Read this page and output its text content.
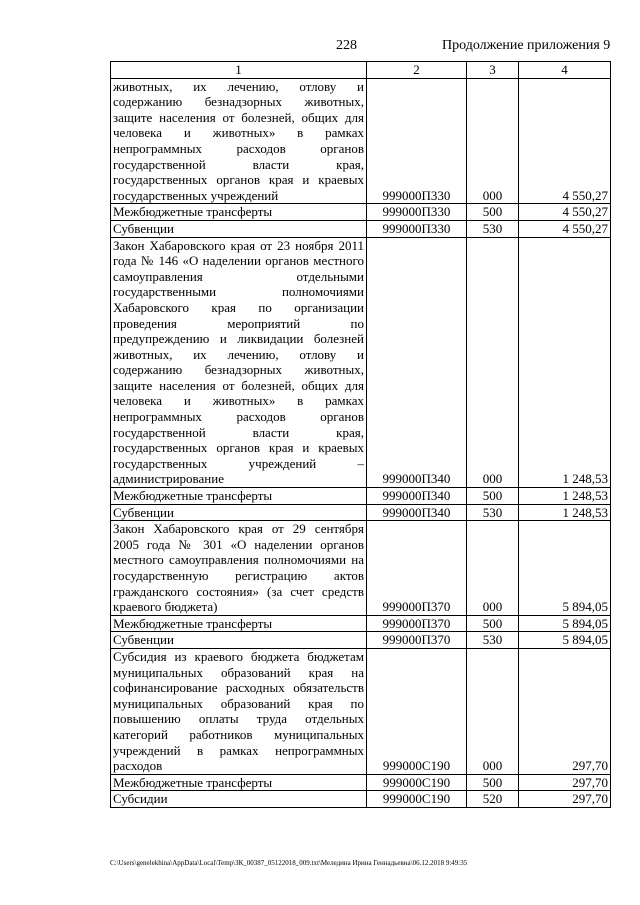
228	Продолжение приложения 9
1	2	3	4
животных, их лечению, отлову и содержанию безнадзорных животных, защите населения от болезней, общих для человека и животных» в рамках непрограммных расходов органов государственной власти края, государственных органов края и краевых государственных учреждений	999000П330	000	4 550,27
Межбюджетные трансферты	999000П330	500	4 550,27
Субвенции	999000П330	530	4 550,27
Закон Хабаровского края от 23 ноября 2011 года № 146 «О наделении органов местного самоуправления отдельными государственными полномочиями Хабаровского края по организации проведения мероприятий по предупреждению и ликвидации болезней животных, их лечению, отлову и содержанию безнадзорных животных, защите населения от болезней, общих для человека и животных» в рамках непрограммных расходов органов государственной власти края, государственных органов края и краевых государственных учреждений – администрирование	999000П340	000	1 248,53
Межбюджетные трансферты	999000П340	500	1 248,53
Субвенции	999000П340	530	1 248,53
Закон Хабаровского края от 29 сентября 2005 года № 301 «О наделении органов местного самоуправления полномочиями на государственную регистрацию актов гражданского состояния» (за счет средств краевого бюджета)	999000П370	000	5 894,05
Межбюджетные трансферты	999000П370	500	5 894,05
Субвенции	999000П370	530	5 894,05
Субсидия из краевого бюджета бюджетам муниципальных образований края на софинансирование расходных обязательств муниципальных образований края по повышению оплаты труда отдельных категорий работников муниципальных учреждений в рамках непрограммных расходов	999000С190	000	297,70
Межбюджетные трансферты	999000С190	500	297,70
Субсидии	999000С190	520	297,70
C:\Users\genelekhina\AppData\Local\Temp\ЗК_00387_05122018_009.txt\Меледина Ирина Геннадьевна\06.12.2018 9:49:35
